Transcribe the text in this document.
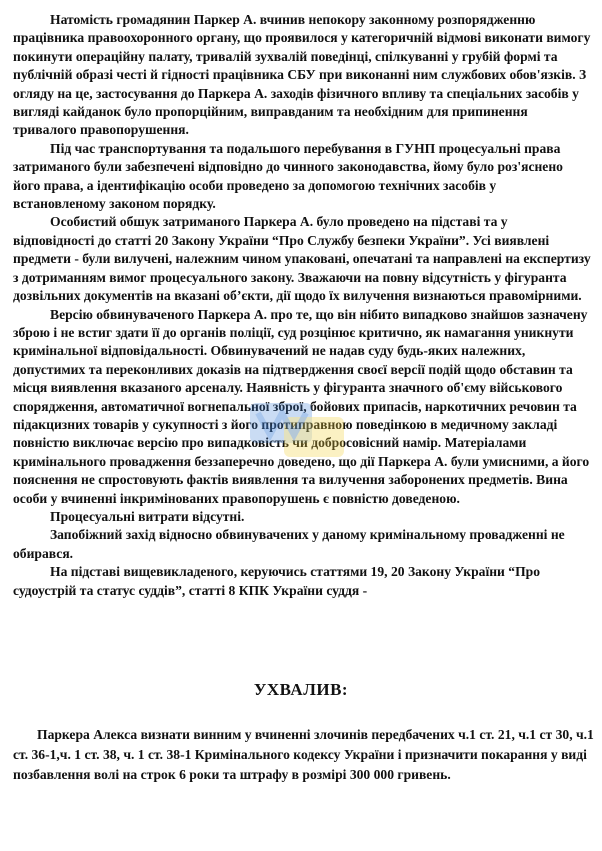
Натомість громадянин Паркер А. вчинив непокору законному розпорядженню працівника правоохоронного органу, що проявилося у категоричній відмові виконати вимогу покинути операційну палату, тривалій зухвалій поведінці, спілкуванні у грубій формі та публічній образі честі й гідності працівника СБУ при виконанні ним службових обов'язків. З огляду на це, застосування до Паркера А. заходів фізичного впливу та спеціальних засобів у вигляді кайданок було пропорційним, виправданим та необхідним для припинення тривалого правопорушення.

Під час транспортування та подальшого перебування в ГУНП процесуальні права затриманого були забезпечені відповідно до чинного законодавства, йому було роз'яснено його права, а ідентифікацію особи проведено за допомогою технічних засобів у встановленому законом порядку.

Особистий обшук затриманого Паркера А. було проведено на підставі та у відповідності до статті 20 Закону України “Про Службу безпеки України”. Усі виявлені предмети - були вилучені, належним чином упаковані, опечатані та направлені на експертизу з дотриманням вимог процесуального закону. Зважаючи на повну відсутність у фігуранта дозвільних документів на вказані об’єкти, дії щодо їх вилучення визнаються правомірними.

Версію обвинуваченого Паркера А. про те, що він нібито випадково знайшов зазначену зброю і не встиг здати її до органів поліції, суд розцінює критично, як намагання уникнути кримінальної відповідальності. Обвинувачений не надав суду будь-яких належних, допустимих та переконливих доказів на підтвердження своєї версії подій щодо обставин та місця виявлення вказаного арсеналу. Наявність у фігуранта значного об'єму військового спорядження, автоматичної вогнепальної зброї, бойових припасів, наркотичних речовин та підакцизних товарів у сукупності з його протиправною поведінкою в медичному закладі повністю виключає версію про випадковість чи добросовісний намір. Матеріалами кримінального провадження беззаперечно доведено, що дії Паркера А. були умисними, а його пояснення не спростовують фактів виявлення та вилучення заборонених предметів. Вина особи у вчиненні інкримінованих правопорушень є повністю доведеною.

Процесуальні витрати відсутні.

Запобіжний захід відносно обвинувачених у даному кримінальному провадженні не обирався.

На підставі вищевикладеного, керуючись статтями 19, 20 Закону України “Про судоустрій та статус суддів”, статті 8 КПК України суддя -

УХВАЛИВ:

Паркера Алекса визнати винним у вчиненні злочинів передбачених ч.1 ст. 21, ч.1 ст 30, ч.1 ст. 36-1,ч. 1 ст. 38, ч. 1 ст. 38-1 Кримінального кодексу України і призначити покарання у виді позбавлення волі на строк 6 роки та штрафу в розмірі 300 000 гривень.
